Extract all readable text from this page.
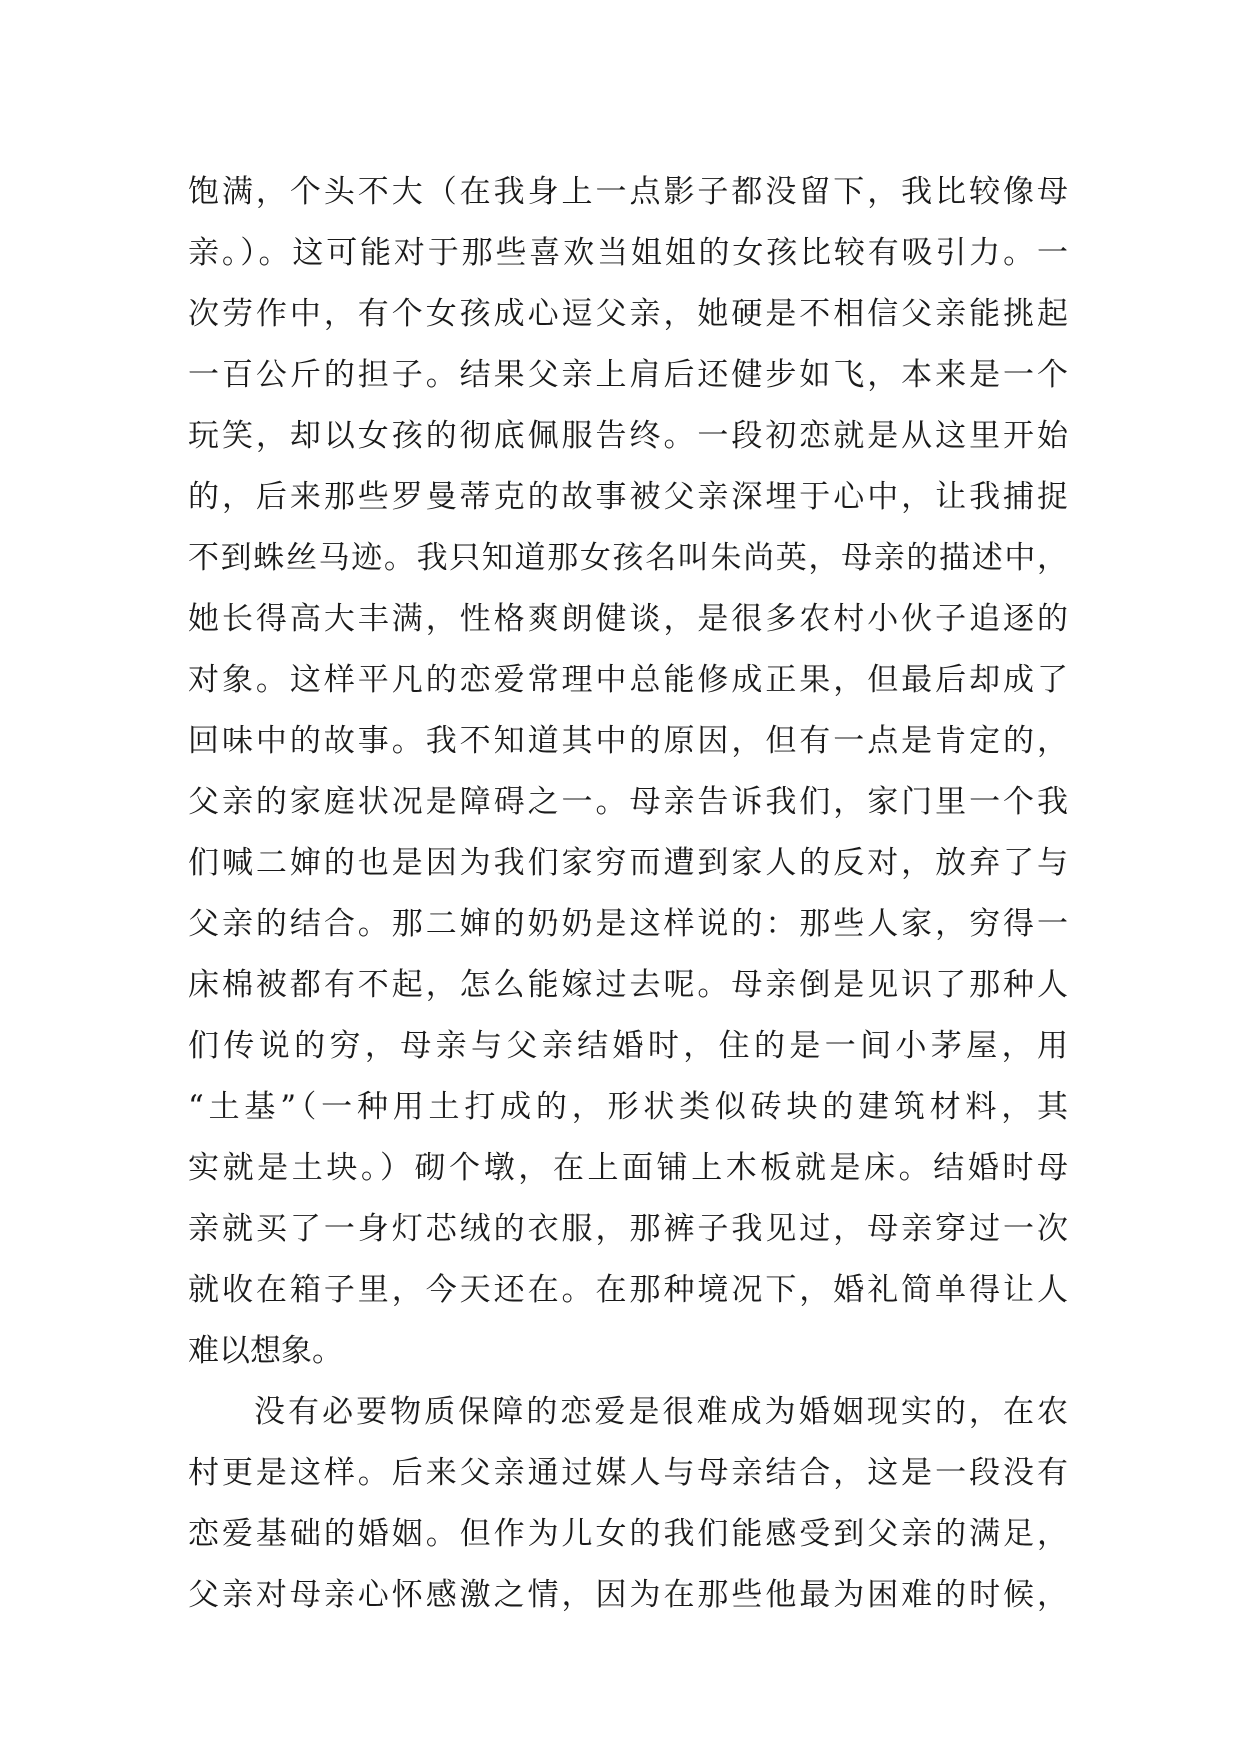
饱满，个头不大（在我身上一点影子都没留下，我比较像母
亲。）。这可能对于那些喜欢当姐姐的女孩比较有吸引力。一
次劳作中，有个女孩成心逗父亲，她硬是不相信父亲能挑起
一百公斤的担子。结果父亲上肩后还健步如飞，本来是一个
玩笑，却以女孩的彻底佩服告终。一段初恋就是从这里开始
的，后来那些罗曼蒂克的故事被父亲深埋于心中，让我捕捉
不到蛛丝马迹。我只知道那女孩名叫朱尚英，母亲的描述中，
她长得高大丰满，性格爽朗健谈，是很多农村小伙子追逐的
对象。这样平凡的恋爱常理中总能修成正果，但最后却成了
回味中的故事。我不知道其中的原因，但有一点是肯定的，
父亲的家庭状况是障碍之一。母亲告诉我们，家门里一个我
们喊二婶的也是因为我们家穷而遭到家人的反对，放弃了与
父亲的结合。那二婶的奶奶是这样说的：那些人家，穷得一
床棉被都有不起，怎么能嫁过去呢。母亲倒是见识了那种人
们传说的穷，母亲与父亲结婚时，住的是一间小茅屋，用
“土基”（一种用土打成的，形状类似砖块的建筑材料，其
实就是土块。）砌个墩，在上面铺上木板就是床。结婚时母
亲就买了一身灯芯绒的衣服，那裤子我见过，母亲穿过一次
就收在箱子里，今天还在。在那种境况下，婚礼简单得让人
难以想象。
没有必要物质保障的恋爱是很难成为婚姻现实的，在农
村更是这样。后来父亲通过媒人与母亲结合，这是一段没有
恋爱基础的婚姻。但作为儿女的我们能感受到父亲的满足，
父亲对母亲心怀感激之情，因为在那些他最为困难的时候，
